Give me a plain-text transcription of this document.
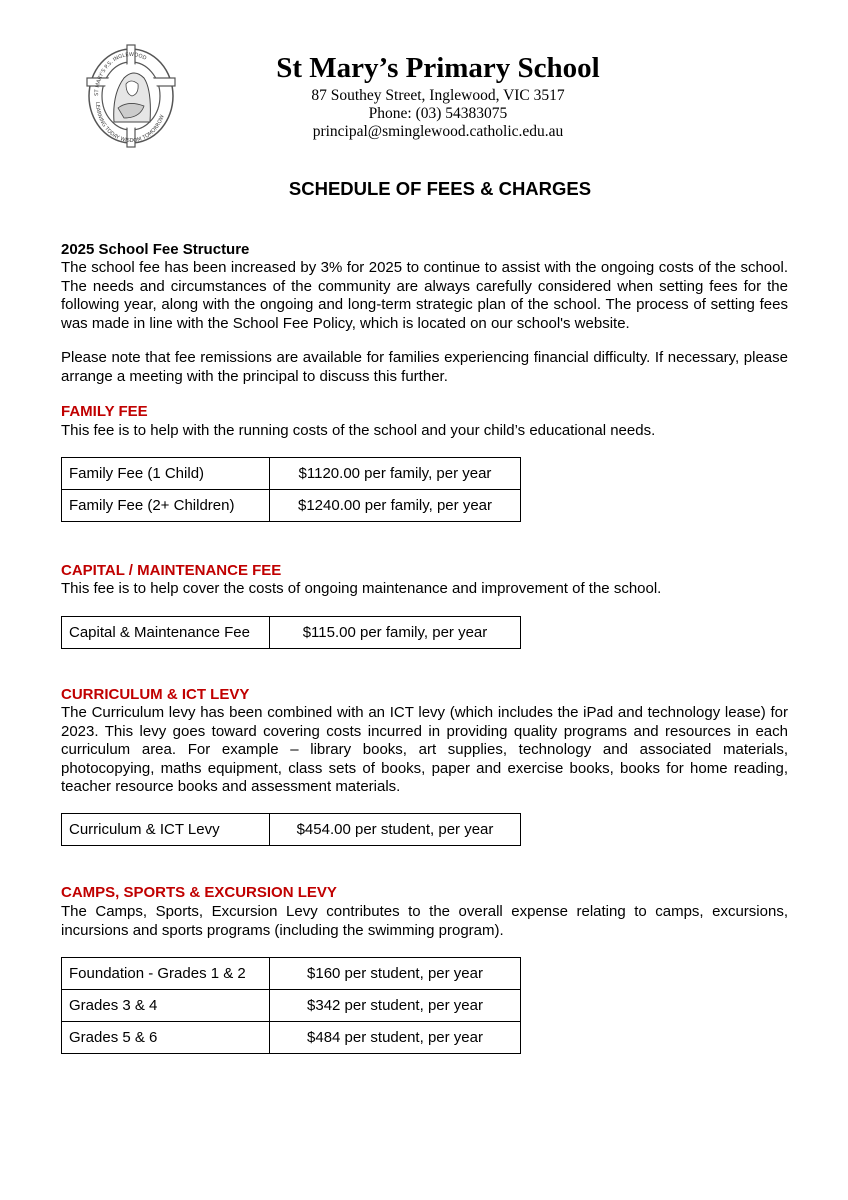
ST MARY'S P.S. INGLEWOOD
LEARNING TODAY WISDOM TOMORROW
St Mary’s Primary School
87 Southey Street, Inglewood, VIC 3517
Phone: (03) 54383075
principal@sminglewood.catholic.edu.au
SCHEDULE OF FEES & CHARGES
2025 School Fee Structure

The school fee has been increased by 3% for 2025 to continue to assist with the ongoing costs of the school. The needs and circumstances of the community are always carefully considered when setting fees for the following year, along with the ongoing and long-term strategic plan of the school. The process of setting fees was made in line with the School Fee Policy, which is located on our school's website.

Please note that fee remissions are available for families experiencing financial difficulty. If necessary, please arrange a meeting with the principal to discuss this further.

FAMILY FEE

This fee is to help with the running costs of the school and your child’s educational needs.

Family Fee (1 Child)	$1120.00 per family, per year
Family Fee (2+ Children)	$1240.00 per family, per year
CAPITAL / MAINTENANCE FEE

This fee is to help cover the costs of ongoing maintenance and improvement of the school.

Capital & Maintenance Fee	$115.00 per family, per year
CURRICULUM & ICT LEVY

The Curriculum levy has been combined with an ICT levy (which includes the iPad and technology lease) for 2023. This levy goes toward covering costs incurred in providing quality programs and resources in each curriculum area. For example – library books, art supplies, technology and associated materials, photocopying, maths equipment, class sets of books, paper and exercise books, books for home reading, teacher resource books and assessment materials.

Curriculum & ICT Levy	$454.00 per student, per year
CAMPS, SPORTS & EXCURSION LEVY

The Camps, Sports, Excursion Levy contributes to the overall expense relating to camps, excursions, incursions and sports programs (including the swimming program).

Foundation - Grades 1 & 2	$160 per student, per year
Grades 3 & 4	$342 per student, per year
Grades 5 & 6	$484 per student, per year
